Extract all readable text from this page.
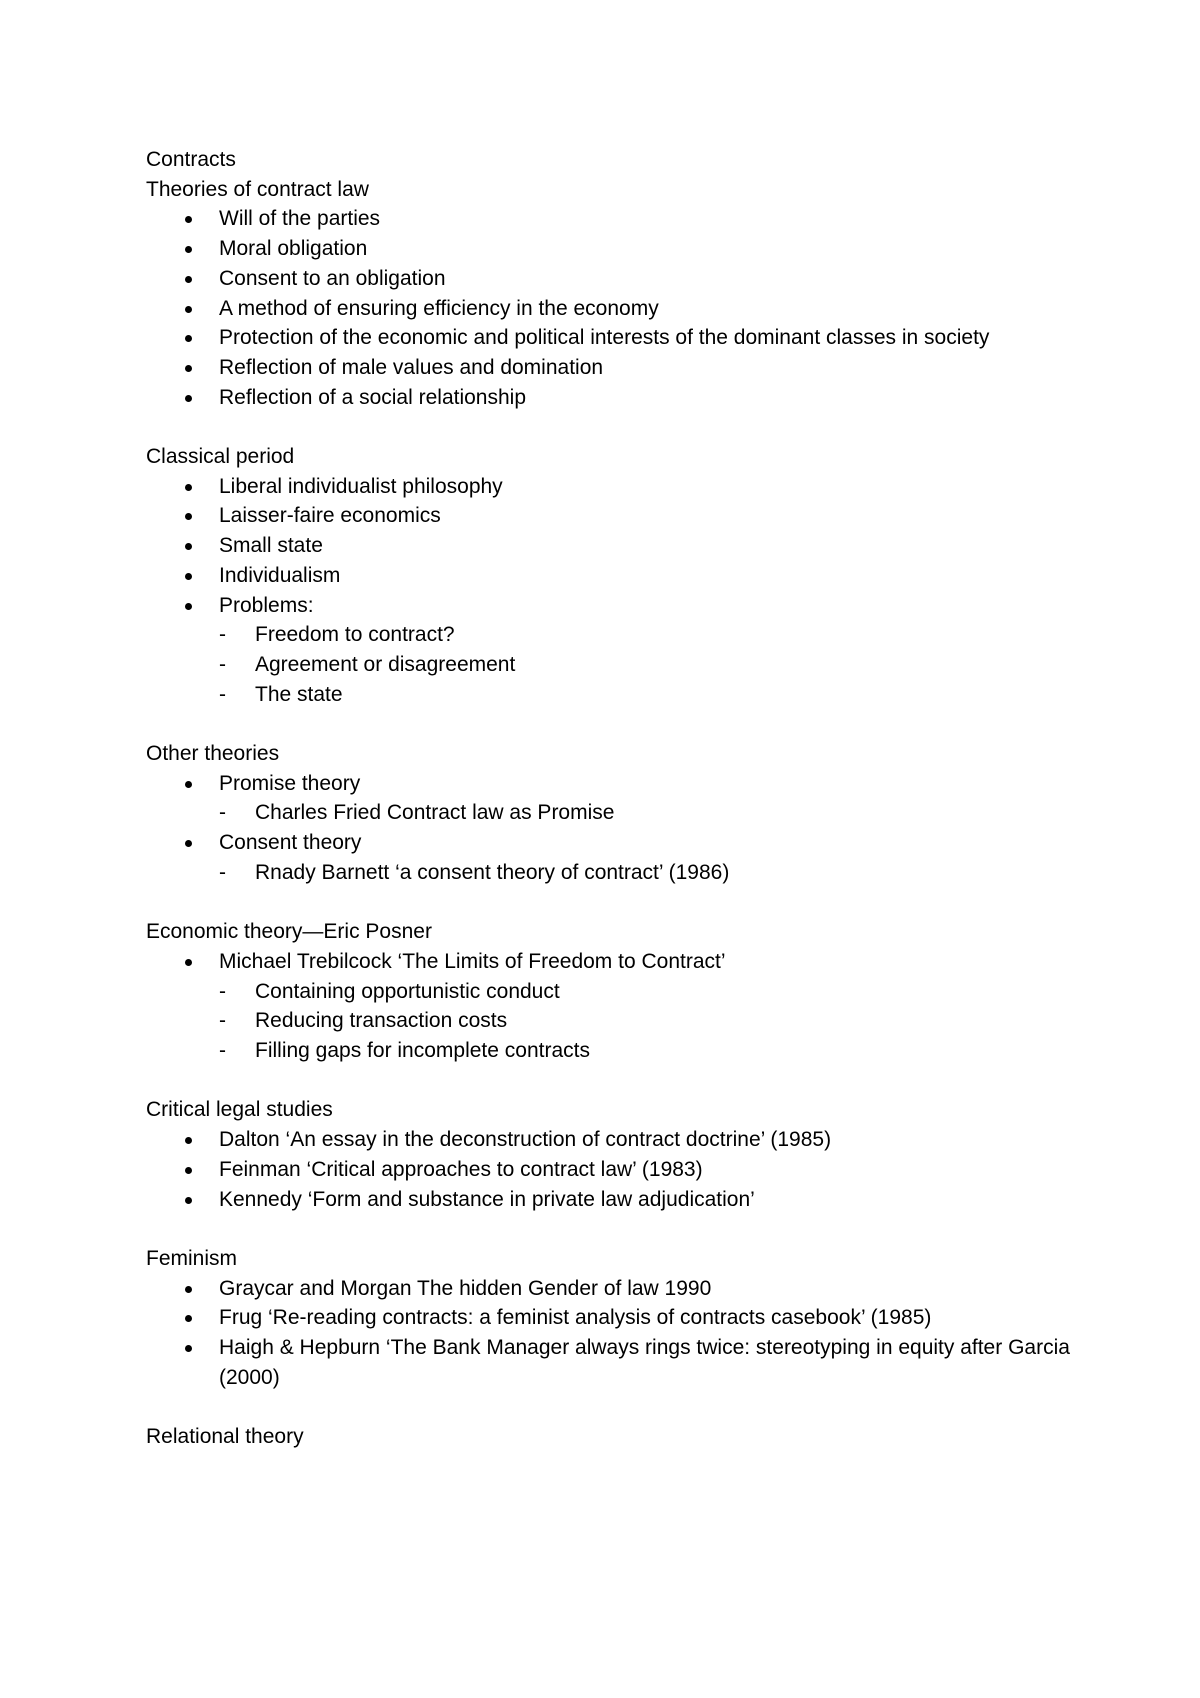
Contracts
Theories of contract law
Will of the parties
Moral obligation
Consent to an obligation
A method of ensuring efficiency in the economy
Protection of the economic and political interests of the dominant classes in society
Reflection of male values and domination
Reflection of a social relationship
Classical period
Liberal individualist philosophy
Laisser-faire economics
Small state
Individualism
Problems:
- Freedom to contract?
- Agreement or disagreement
- The state
Other theories
Promise theory
- Charles Fried Contract law as Promise
Consent theory
- Rnady Barnett ‘a consent theory of contract’ (1986)
Economic theory—Eric Posner
Michael Trebilcock ‘The Limits of Freedom to Contract’
- Containing opportunistic conduct
- Reducing transaction costs
- Filling gaps for incomplete contracts
Critical legal studies
Dalton ‘An essay in the deconstruction of contract doctrine’ (1985)
Feinman ‘Critical approaches to contract law’ (1983)
Kennedy ‘Form and substance in private law adjudication’
Feminism
Graycar and Morgan The hidden Gender of law 1990
Frug ‘Re-reading contracts: a feminist analysis of contracts casebook’ (1985)
Haigh & Hepburn ‘The Bank Manager always rings twice: stereotyping in equity after Garcia (2000)
Relational theory
